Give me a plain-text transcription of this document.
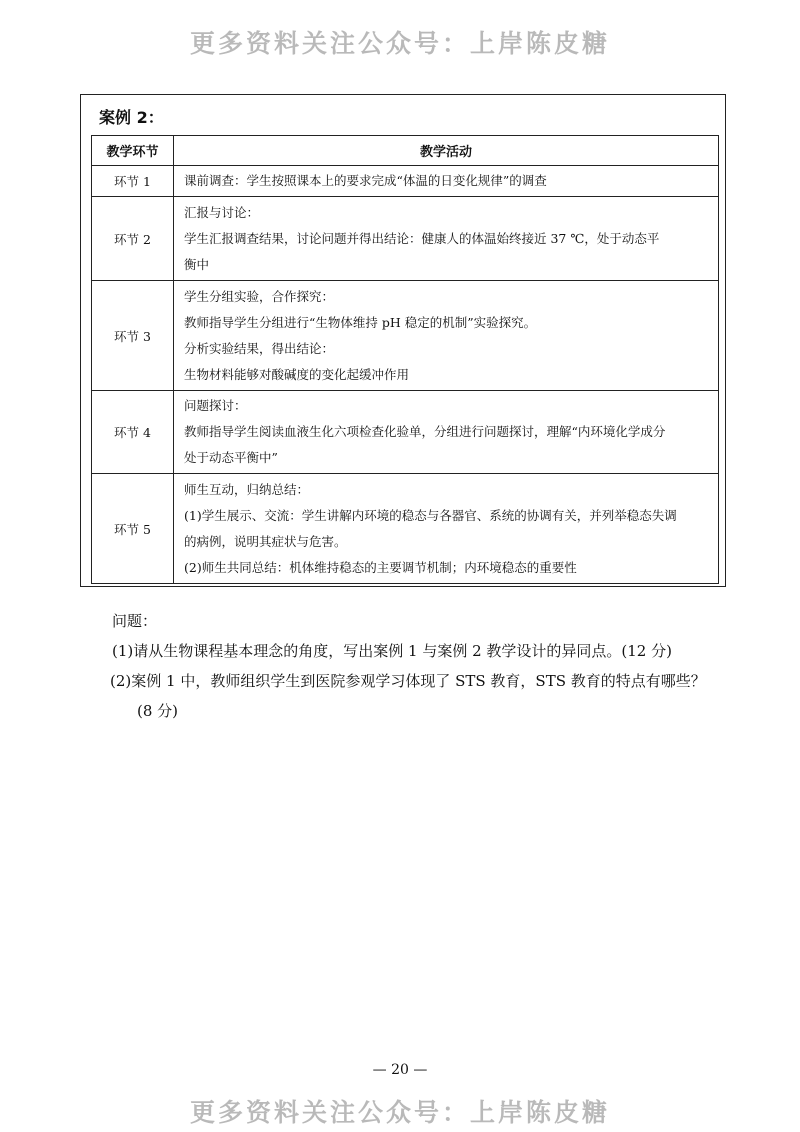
更多资料关注公众号：上岸陈皮糖
案例 2：
教学环节	教学活动
环节 1	课前调查：学生按照课本上的要求完成“体温的日变化规律”的调查

环节 2	汇报与讨论：
学生汇报调查结果，讨论问题并得出结论：健康人的体温始终接近 37 ℃，处于动态平
衡中

环节 3	学生分组实验，合作探究：
教师指导学生分组进行“生物体维持 pH 稳定的机制”实验探究。
分析实验结果，得出结论：
生物材料能够对酸碱度的变化起缓冲作用

环节 4	问题探讨：
教师指导学生阅读血液生化六项检查化验单，分组进行问题探讨，理解“内环境化学成分
处于动态平衡中”

环节 5	师生互动，归纳总结：
(1)学生展示、交流：学生讲解内环境的稳态与各器官、系统的协调有关，并列举稳态失调
的病例，说明其症状与危害。
(2)师生共同总结：机体维持稳态的主要调节机制；内环境稳态的重要性
问题：
(1)请从生物课程基本理念的角度，写出案例 1 与案例 2 教学设计的异同点。(12 分)
(2)案例 1 中，教师组织学生到医院参观学习体现了 STS 教育，STS 教育的特点有哪些？
(8 分)
— 20 —
更多资料关注公众号：上岸陈皮糖
